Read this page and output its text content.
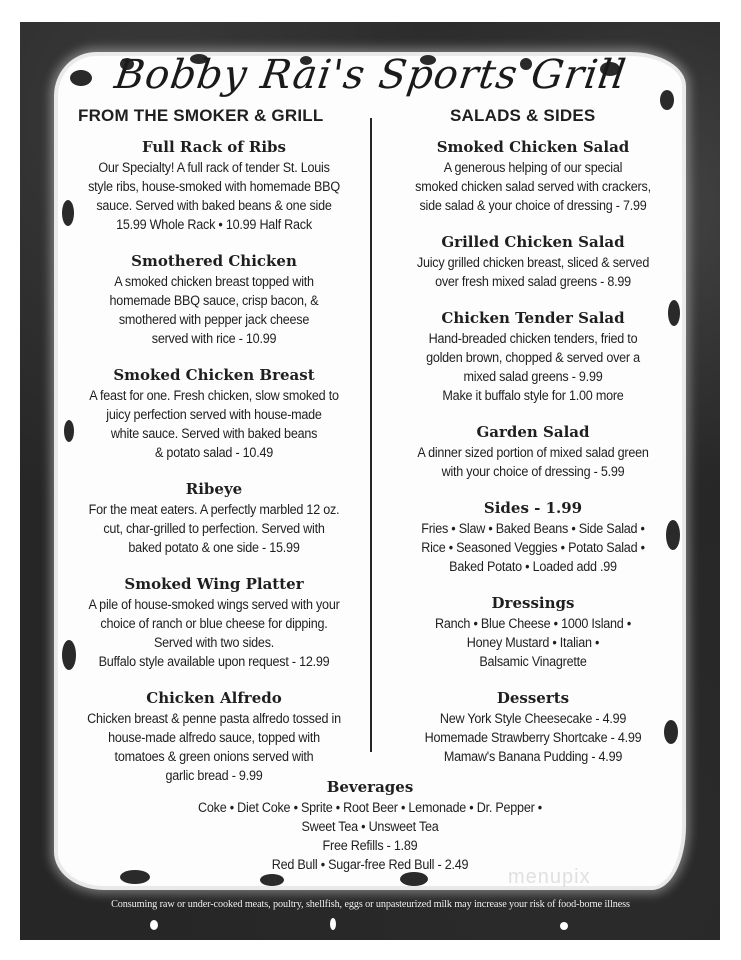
Bobby Rai's Sports Grill
FROM THE SMOKER & GRILL	SALADS & SIDES
Full Rack of Ribs
Our Specialty! A full rack of tender St. Louis
style ribs, house-smoked with homemade BBQ
sauce. Served with baked beans & one side
15.99 Whole Rack • 10.99 Half Rack
Smothered Chicken
A smoked chicken breast topped with
homemade BBQ sauce, crisp bacon, &
smothered with pepper jack cheese
served with rice - 10.99
Smoked Chicken Breast
A feast for one. Fresh chicken, slow smoked to
juicy perfection served with house-made
white sauce. Served with baked beans
& potato salad - 10.49
Ribeye
For the meat eaters. A perfectly marbled 12 oz.
cut, char-grilled to perfection. Served with
baked potato & one side - 15.99
Smoked Wing Platter
A pile of house-smoked wings served with your
choice of ranch or blue cheese for dipping.
Served with two sides.
Buffalo style available upon request - 12.99
Chicken Alfredo
Chicken breast & penne pasta alfredo tossed in
house-made alfredo sauce, topped with
tomatoes & green onions served with
garlic bread - 9.99
Smoked Chicken Salad
A generous helping of our special
smoked chicken salad served with crackers,
side salad & your choice of dressing - 7.99
Grilled Chicken Salad
Juicy grilled chicken breast, sliced & served
over fresh mixed salad greens - 8.99
Chicken Tender Salad
Hand-breaded chicken tenders, fried to
golden brown, chopped & served over a
mixed salad greens - 9.99
Make it buffalo style for 1.00 more
Garden Salad
A dinner sized portion of mixed salad green
with your choice of dressing - 5.99
Sides - 1.99
Fries • Slaw • Baked Beans • Side Salad •
Rice • Seasoned Veggies • Potato Salad •
Baked Potato • Loaded add .99
Dressings
Ranch • Blue Cheese • 1000 Island •
Honey Mustard • Italian •
Balsamic Vinagrette
Desserts
New York Style Cheesecake - 4.99
Homemade Strawberry Shortcake - 4.99
Mamaw's Banana Pudding - 4.99
Beverages
Coke • Diet Coke • Sprite • Root Beer • Lemonade • Dr. Pepper •
Sweet Tea • Unsweet Tea
Free Refills - 1.89
Red Bull • Sugar-free Red Bull - 2.49
menupix
Consuming raw or under-cooked meats, poultry, shellfish, eggs or unpasteurized milk may increase your risk of food-borne illness
